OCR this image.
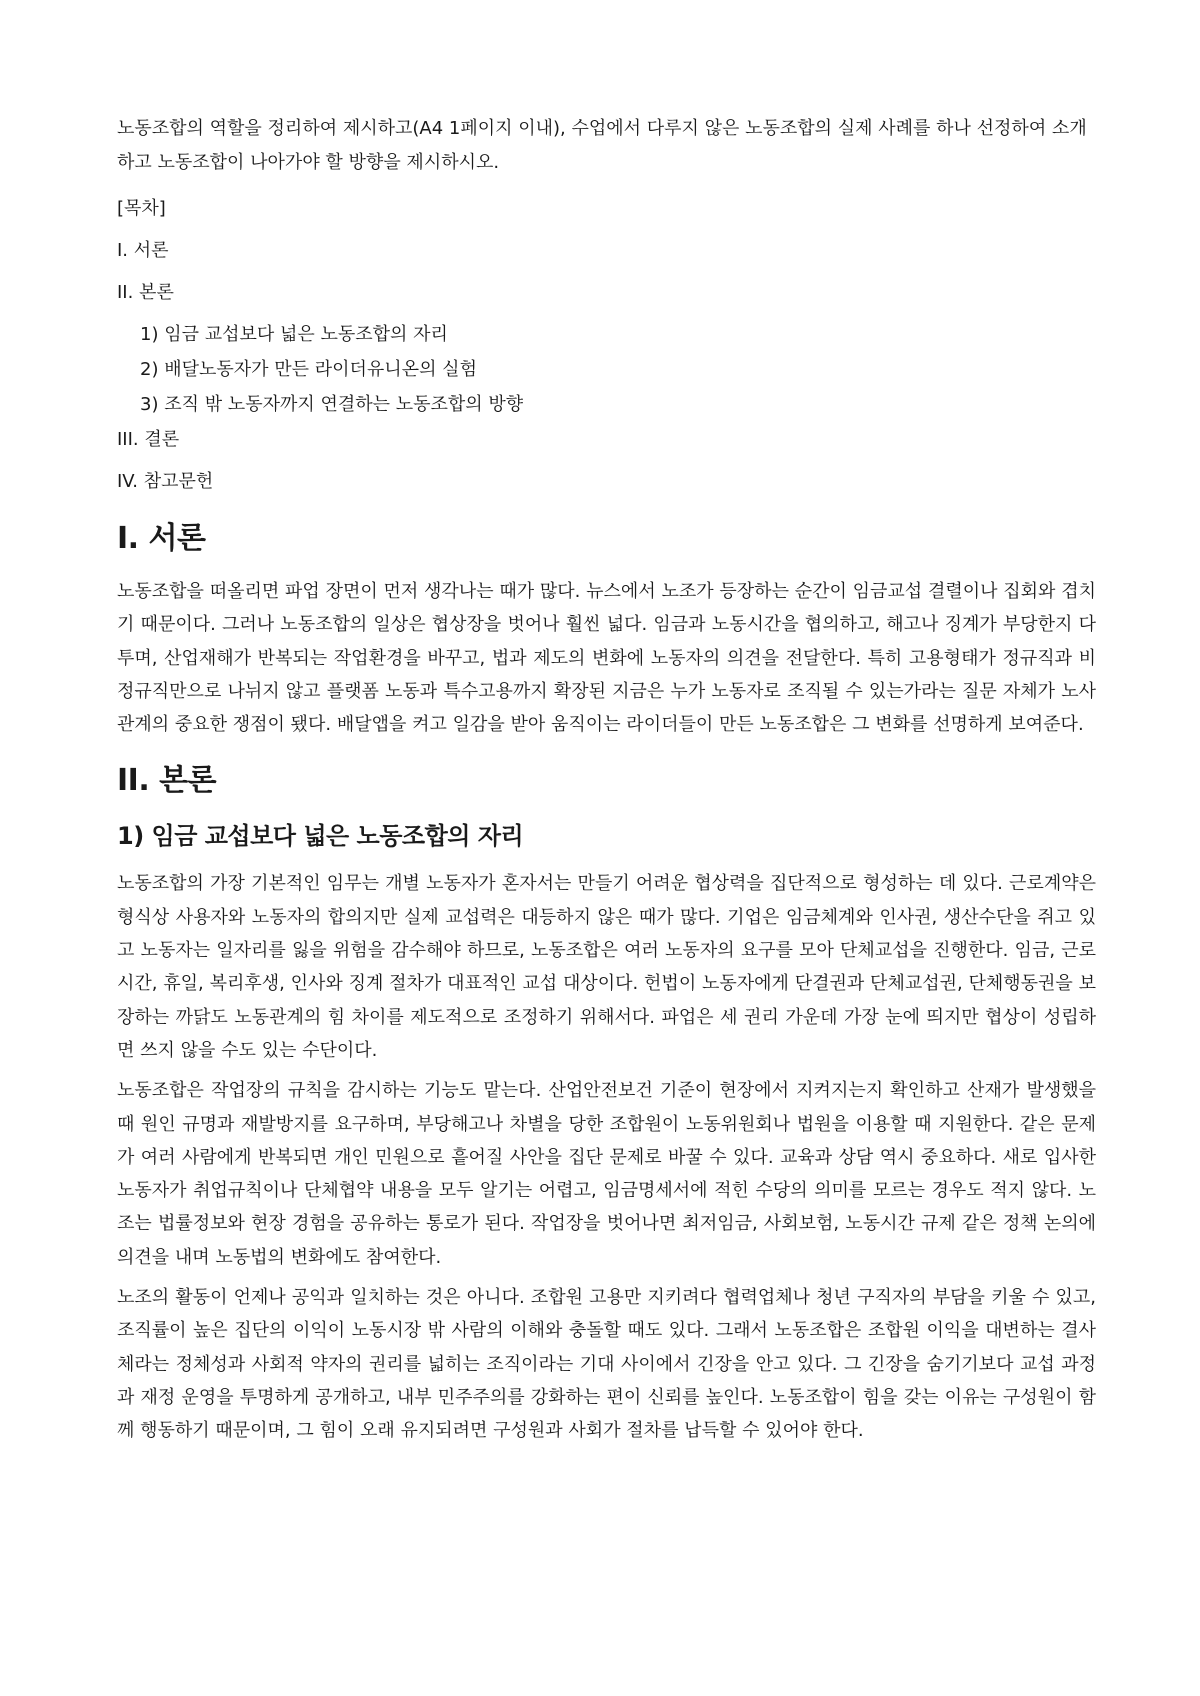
노동조합의 역할을 정리하여 제시하고(A4 1페이지 이내), 수업에서 다루지 않은 노동조합의 실제 사례를 하나 선정하여 소개하고 노동조합이 나아가야 할 방향을 제시하시오.

[목차]
I. 서론
II. 본론
1) 임금 교섭보다 넓은 노동조합의 자리
2) 배달노동자가 만든 라이더유니온의 실험
3) 조직 밖 노동자까지 연결하는 노동조합의 방향
III. 결론
IV. 참고문헌
I. 서론

노동조합을 떠올리면 파업 장면이 먼저 생각나는 때가 많다. 뉴스에서 노조가 등장하는 순간이 임금교섭 결렬이나 집회와 겹치기 때문이다. 그러나 노동조합의 일상은 협상장을 벗어나 훨씬 넓다. 임금과 노동시간을 협의하고, 해고나 징계가 부당한지 다투며, 산업재해가 반복되는 작업환경을 바꾸고, 법과 제도의 변화에 노동자의 의견을 전달한다. 특히 고용형태가 정규직과 비정규직만으로 나뉘지 않고 플랫폼 노동과 특수고용까지 확장된 지금은 누가 노동자로 조직될 수 있는가라는 질문 자체가 노사관계의 중요한 쟁점이 됐다. 배달앱을 켜고 일감을 받아 움직이는 라이더들이 만든 노동조합은 그 변화를 선명하게 보여준다.

II. 본론
1) 임금 교섭보다 넓은 노동조합의 자리

노동조합의 가장 기본적인 임무는 개별 노동자가 혼자서는 만들기 어려운 협상력을 집단적으로 형성하는 데 있다. 근로계약은 형식상 사용자와 노동자의 합의지만 실제 교섭력은 대등하지 않은 때가 많다. 기업은 임금체계와 인사권, 생산수단을 쥐고 있고 노동자는 일자리를 잃을 위험을 감수해야 하므로, 노동조합은 여러 노동자의 요구를 모아 단체교섭을 진행한다. 임금, 근로시간, 휴일, 복리후생, 인사와 징계 절차가 대표적인 교섭 대상이다. 헌법이 노동자에게 단결권과 단체교섭권, 단체행동권을 보장하는 까닭도 노동관계의 힘 차이를 제도적으로 조정하기 위해서다. 파업은 세 권리 가운데 가장 눈에 띄지만 협상이 성립하면 쓰지 않을 수도 있는 수단이다.

노동조합은 작업장의 규칙을 감시하는 기능도 맡는다. 산업안전보건 기준이 현장에서 지켜지는지 확인하고 산재가 발생했을 때 원인 규명과 재발방지를 요구하며, 부당해고나 차별을 당한 조합원이 노동위원회나 법원을 이용할 때 지원한다. 같은 문제가 여러 사람에게 반복되면 개인 민원으로 흩어질 사안을 집단 문제로 바꿀 수 있다. 교육과 상담 역시 중요하다. 새로 입사한 노동자가 취업규칙이나 단체협약 내용을 모두 알기는 어렵고, 임금명세서에 적힌 수당의 의미를 모르는 경우도 적지 않다. 노조는 법률정보와 현장 경험을 공유하는 통로가 된다. 작업장을 벗어나면 최저임금, 사회보험, 노동시간 규제 같은 정책 논의에 의견을 내며 노동법의 변화에도 참여한다.

노조의 활동이 언제나 공익과 일치하는 것은 아니다. 조합원 고용만 지키려다 협력업체나 청년 구직자의 부담을 키울 수 있고, 조직률이 높은 집단의 이익이 노동시장 밖 사람의 이해와 충돌할 때도 있다. 그래서 노동조합은 조합원 이익을 대변하는 결사체라는 정체성과 사회적 약자의 권리를 넓히는 조직이라는 기대 사이에서 긴장을 안고 있다. 그 긴장을 숨기기보다 교섭 과정과 재정 운영을 투명하게 공개하고, 내부 민주주의를 강화하는 편이 신뢰를 높인다. 노동조합이 힘을 갖는 이유는 구성원이 함께 행동하기 때문이며, 그 힘이 오래 유지되려면 구성원과 사회가 절차를 납득할 수 있어야 한다.
